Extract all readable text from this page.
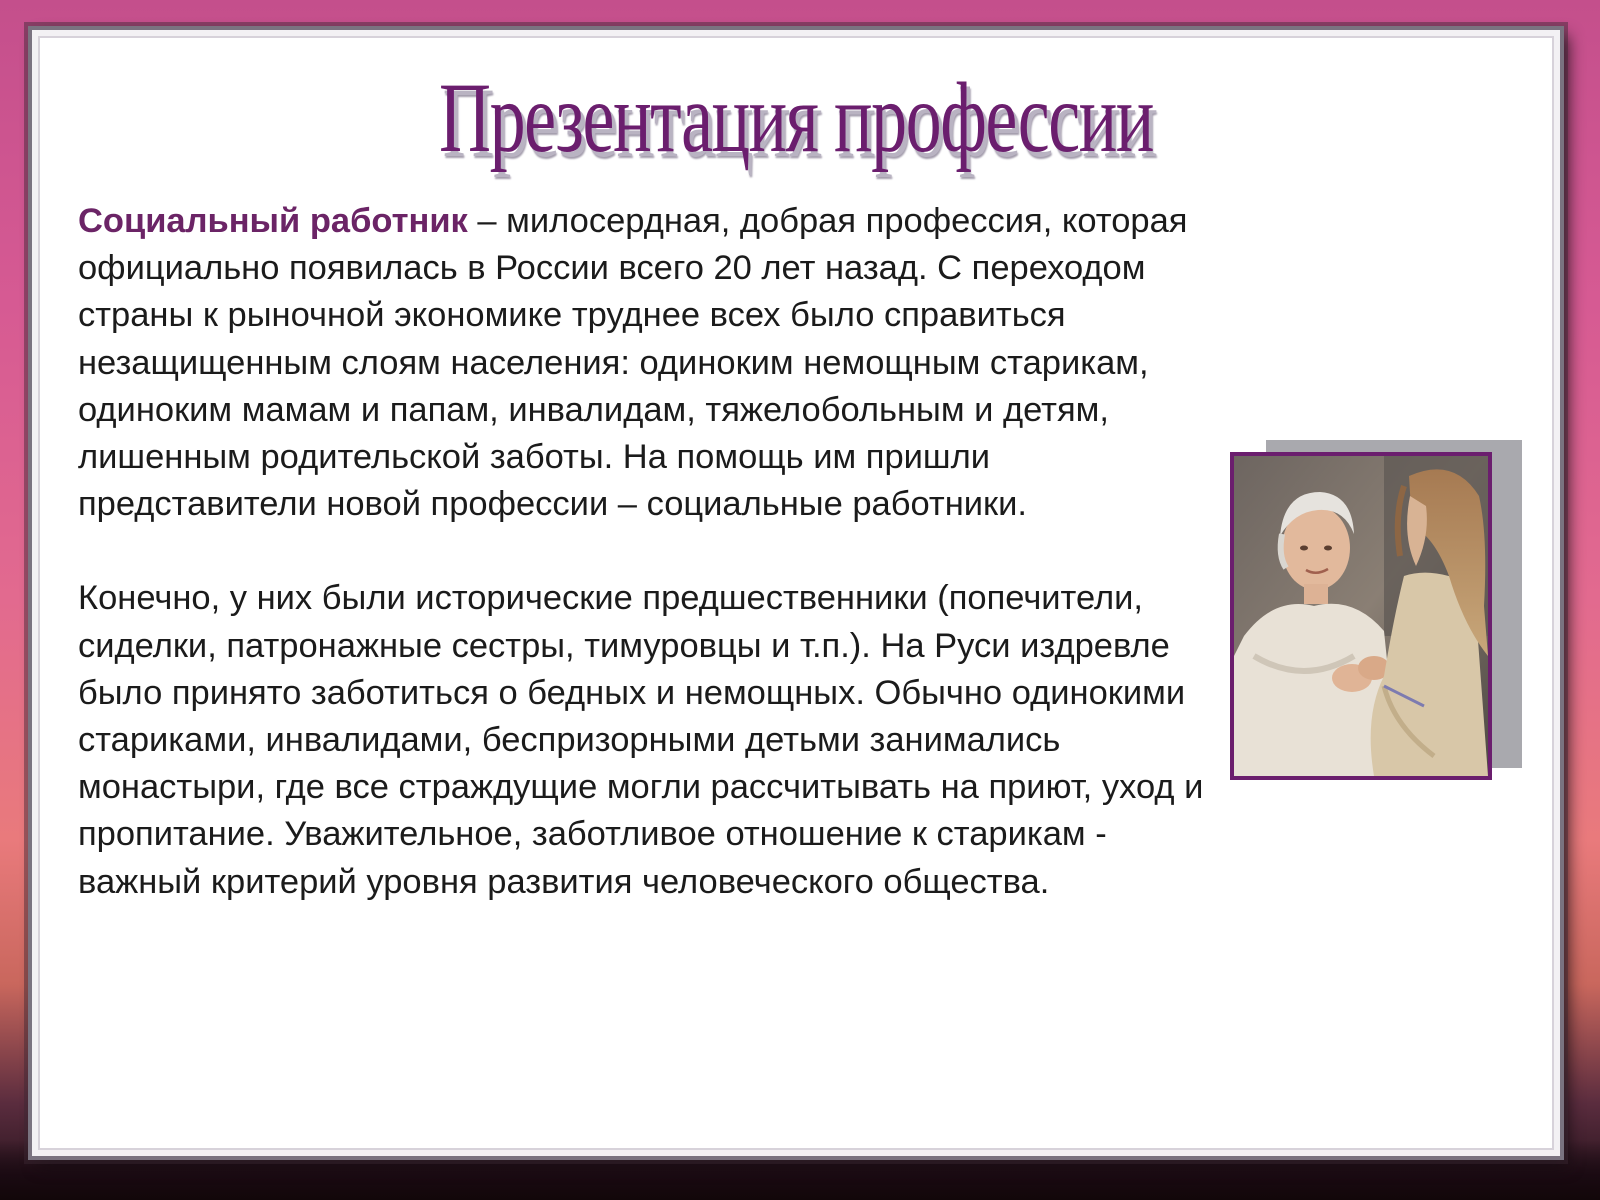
Презентация профессии

Социальный работник – милосердная, добрая профессия, которая официально появилась в России всего 20 лет назад. С переходом страны к рыночной экономике труднее всех было справиться незащищенным слоям населения: одиноким немощным старикам, одиноким мамам и папам, инвалидам, тяжелобольным и детям, лишенным родительской заботы. На помощь им пришли представители новой профессии – социальные работники.

Конечно, у них были исторические предшественники (попечители, сиделки, патронажные сестры, тимуровцы и т.п.). На Руси издревле было принято заботиться о бедных и немощных. Обычно одинокими стариками, инвалидами, беспризорными детьми занимались монастыри, где все страждущие могли рассчитывать на приют, уход и пропитание. Уважительное, заботливое отношение к старикам - важный критерий уровня развития человеческого общества.
